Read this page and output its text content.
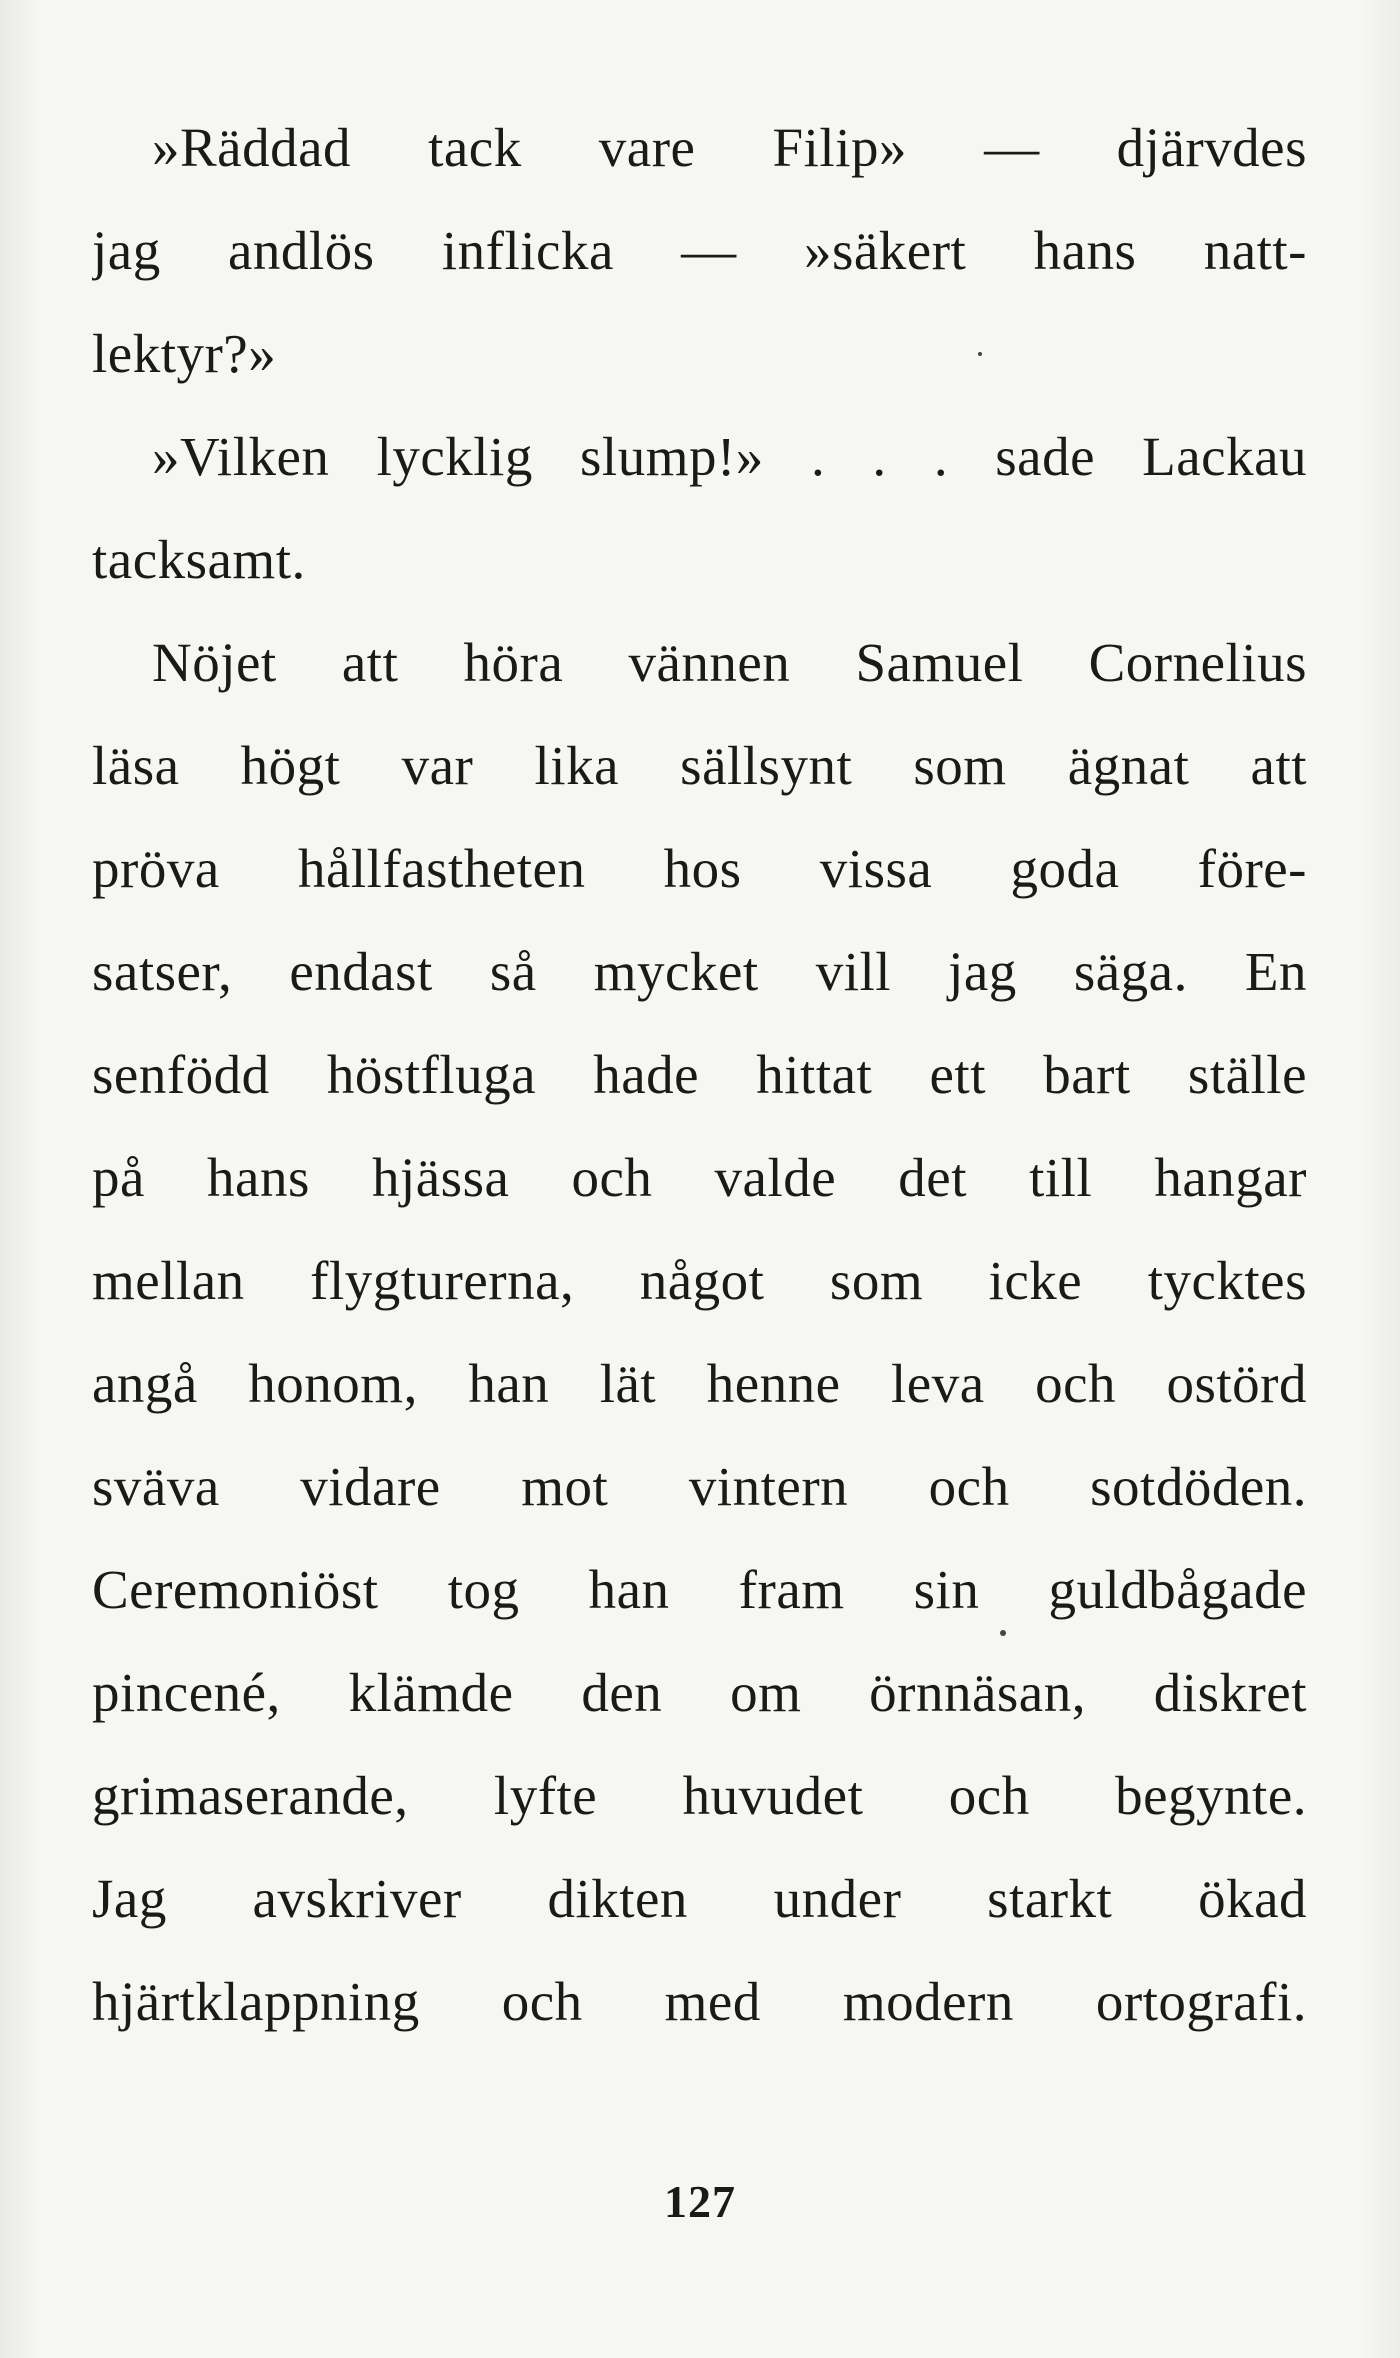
»Räddad tack vare Filip» — djärvdes
jag andlös inflicka — »säkert hans natt-
lektyr?»
»Vilken lycklig slump!» . . . sade Lackau
tacksamt.
Nöjet att höra vännen Samuel Cornelius
läsa högt var lika sällsynt som ägnat att
pröva hållfastheten hos vissa goda före-
satser, endast så mycket vill jag säga. En
senfödd höstfluga hade hittat ett bart ställe
på hans hjässa och valde det till hangar
mellan flygturerna, något som icke tycktes
angå honom, han lät henne leva och ostörd
sväva vidare mot vintern och sotdöden.
Ceremoniöst tog han fram sin guldbågade
pincené, klämde den om örnnäsan, diskret
grimaserande, lyfte huvudet och begynte.
Jag avskriver dikten under starkt ökad
hjärtklappning och med modern ortografi.
127
